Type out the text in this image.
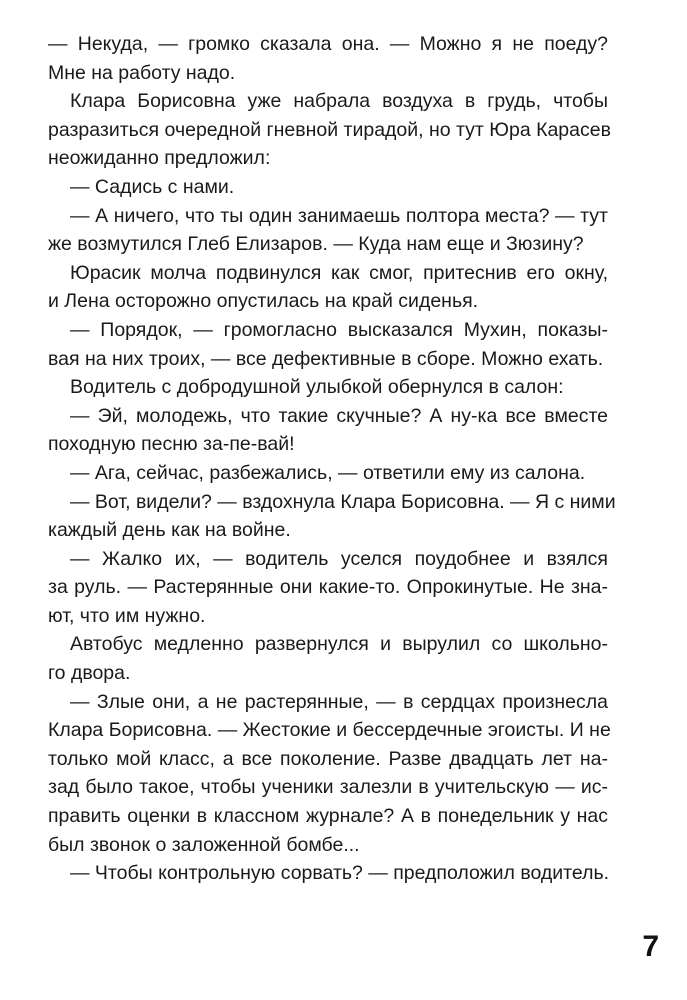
— Некуда, — громко сказала она. — Можно я не поеду?
Мне на работу надо.
Клара Борисовна уже набрала воздуха в грудь, чтобы
разразиться очередной гневной тирадой, но тут Юра Карасев
неожиданно предложил:
— Садись с нами.
— А ничего, что ты один занимаешь полтора места? — тут
же возмутился Глеб Елизаров. — Куда нам еще и Зюзину?
Юрасик молча подвинулся как смог, притеснив его окну,
и Лена осторожно опустилась на край сиденья.
— Порядок, — громогласно высказался Мухин, показы-
вая на них троих, — все дефективные в сборе. Можно ехать.
Водитель с добродушной улыбкой обернулся в салон:
— Эй, молодежь, что такие скучные? А ну-ка все вместе
походную песню за-пе-вай!
— Ага, сейчас, разбежались, — ответили ему из салона.
— Вот, видели? — вздохнула Клара Борисовна. — Я с ними
каждый день как на войне.
— Жалко их, — водитель уселся поудобнее и взялся
за руль. — Растерянные они какие-то. Опрокинутые. Не зна-
ют, что им нужно.
Автобус медленно развернулся и вырулил со школьно-
го двора.
— Злые они, а не растерянные, — в сердцах произнесла
Клара Борисовна. — Жестокие и бессердечные эгоисты. И не
только мой класс, а все поколение. Разве двадцать лет на-
зад было такое, чтобы ученики залезли в учительскую — ис-
править оценки в классном журнале? А в понедельник у нас
был звонок о заложенной бомбе...
— Чтобы контрольную сорвать? — предположил водитель.
7
